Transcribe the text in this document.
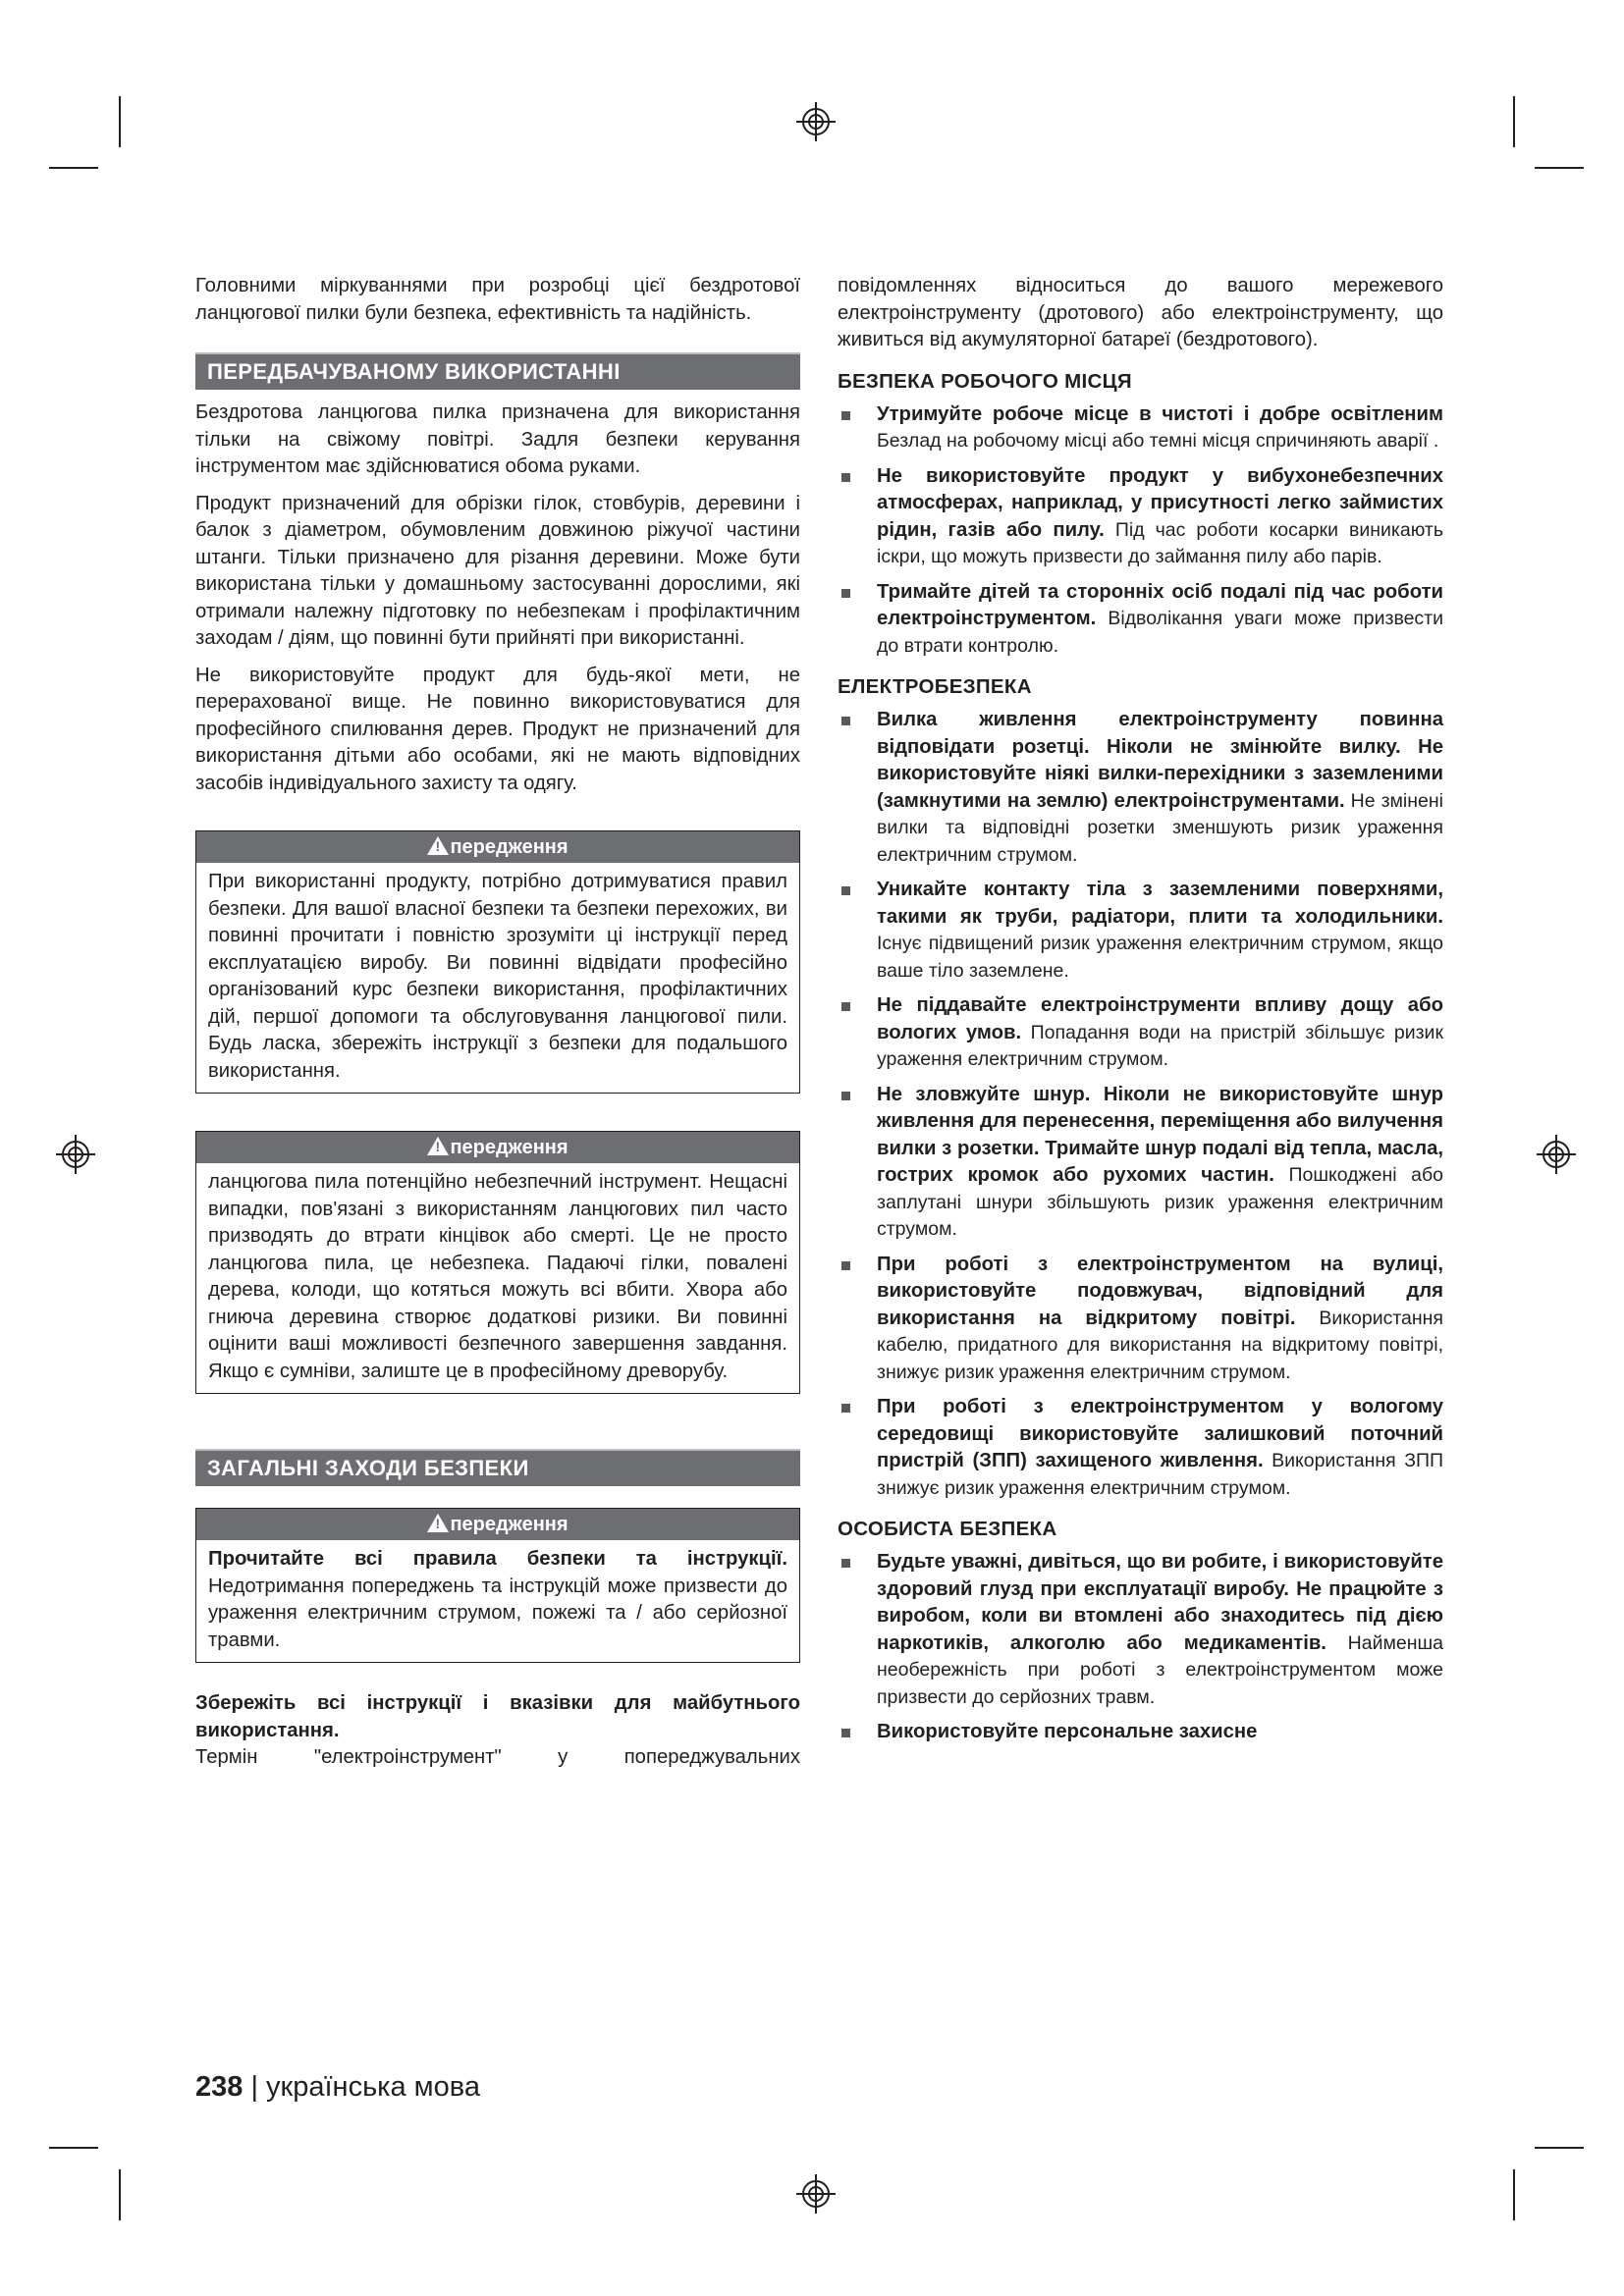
Головними міркуваннями при розробці цієї бездротової ланцюгової пилки були безпека, ефективність та надійність.

ПЕРЕДБАЧУВАНОМУ ВИКОРИСТАННІ

Бездротова ланцюгова пилка призначена для використання тільки на свіжому повітрі. Задля безпеки керування інструментом має здійснюватися обома руками.

Продукт призначений для обрізки гілок, стовбурів, деревини і балок з діаметром, обумовленим довжиною ріжучої частини штанги. Тільки призначено для різання деревини. Може бути використана тільки у домашньому застосуванні дорослими, які отримали належну підготовку по небезпекам і профілактичним заходам / діям, що повинні бути прийняті при використанні.

Не використовуйте продукт для будь-якої мети, не перерахованої вище. Не повинно використовуватися для професійного спилювання дерев. Продукт не призначений для використання дітьми або особами, які не мають відповідних засобів індивідуального захисту та одягу.

!передження

При використанні продукту, потрібно дотримуватися правил безпеки. Для вашої власної безпеки та безпеки перехожих, ви повинні прочитати і повністю зрозуміти ці інструкції перед експлуатацією виробу. Ви повинні відвідати професійно організований курс безпеки використання, профілактичних дій, першої допомоги та обслуговування ланцюгової пили. Будь ласка, збережіть інструкції з безпеки для подальшого використання.

!передження

ланцюгова пила потенційно небезпечний інструмент. Нещасні випадки, пов'язані з використанням ланцюгових пил часто призводять до втрати кінцівок або смерті. Це не просто ланцюгова пила, це небезпека. Падаючі гілки, повалені дерева, колоди, що котяться можуть всі вбити. Хвора або гниюча деревина створює додаткові ризики. Ви повинні оцінити ваші можливості безпечного завершення завдання. Якщо є сумніви, залиште це в професійному древорубу.

ЗАГАЛЬНІ ЗАХОДИ БЕЗПЕКИ
!передження

Прочитайте всі правила безпеки та інструкції. Недотримання попереджень та інструкцій може призвести до ураження електричним струмом, пожежі та / або серйозної травми.

Збережіть всі інструкції і вказівки для майбутнього використання.

Термін "електроінструмент" у попереджувальних

повідомленнях відноситься до вашого мережевого електроінструменту (дротового) або електроінструменту, що живиться від акумуляторної батареї (бездротового).

БЕЗПЕКА РОБОЧОГО МІСЦЯ

Утримуйте робоче місце в чистоті і добре освітленим Безлад на робочому місці або темні місця спричиняють аварії .

Не використовуйте продукт у вибухонебезпечних атмосферах, наприклад, у присутності легко займистих рідин, газів або пилу. Під час роботи косарки виникають іскри, що можуть призвести до займання пилу або парів.

Тримайте дітей та сторонніх осіб подалі під час роботи електроінструментом. Відволікання уваги може призвести до втрати контролю.

ЕЛЕКТРОБЕЗПЕКА

Вилка живлення електроінструменту повинна відповідати розетці. Ніколи не змінюйте вилку. Не використовуйте ніякі вилки-перехідники з заземленими (замкнутими на землю) електроінструментами. Не змінені вилки та відповідні розетки зменшують ризик ураження електричним струмом.

Уникайте контакту тіла з заземленими поверхнями, такими як труби, радіатори, плити та холодильники. Існує підвищений ризик ураження електричним струмом, якщо ваше тіло заземлене.

Не піддавайте електроінструменти впливу дощу або вологих умов. Попадання води на пристрій збільшує ризик ураження електричним струмом.

Не зловжуйте шнур. Ніколи не використовуйте шнур живлення для перенесення, переміщення або вилучення вилки з розетки. Тримайте шнур подалі від тепла, масла, гострих кромок або рухомих частин. Пошкоджені або заплутані шнури збільшують ризик ураження електричним струмом.

При роботі з електроінструментом на вулиці, використовуйте подовжувач, відповідний для використання на відкритому повітрі. Використання кабелю, придатного для використання на відкритому повітрі, знижує ризик ураження електричним струмом.

При роботі з електроінструментом у вологому середовищі використовуйте залишковий поточний пристрій (ЗПП) захищеного живлення. Використання ЗПП знижує ризик ураження електричним струмом.

ОСОБИСТА БЕЗПЕКА

Будьте уважні, дивіться, що ви робите, і використовуйте здоровий глузд при експлуатації виробу. Не працюйте з виробом, коли ви втомлені або знаходитесь під дією наркотиків, алкоголю або медикаментів. Найменша необережність при роботі з електроінструментом може призвести до серйозних травм.

Використовуйте персональне захисне

238 | українська мова
